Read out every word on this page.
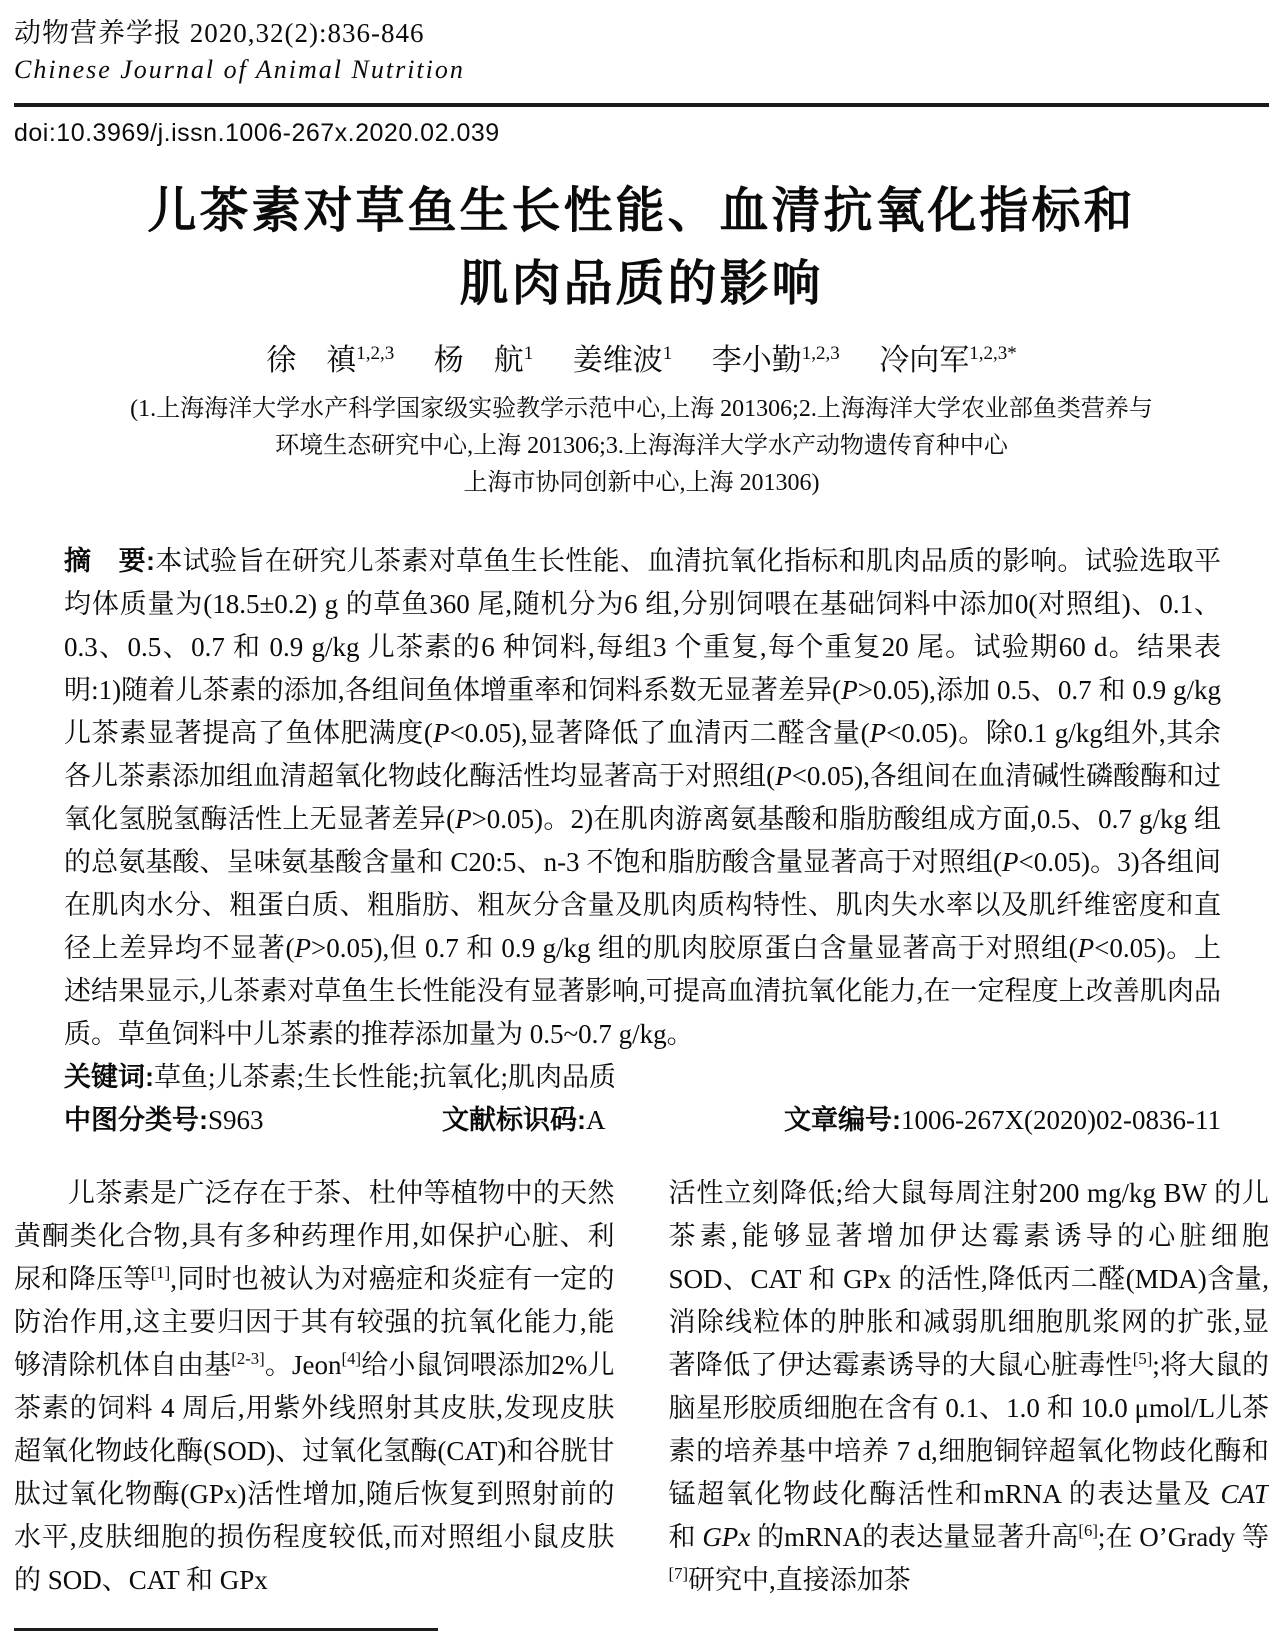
动物营养学报 2020,32(2):836-846
Chinese Journal of Animal Nutrition
doi:10.3969/j.issn.1006-267x.2020.02.039
儿茶素对草鱼生长性能、血清抗氧化指标和
肌肉品质的影响
徐　禛$^{1,2,3}$ 杨　航$^1$ 姜维波$^1$ 李小勤$^{1,2,3}$ 冷向军$^{1,2,3*}$
(1.上海海洋大学水产科学国家级实验教学示范中心,上海 201306;2.上海海洋大学农业部鱼类营养与
环境生态研究中心,上海 201306;3.上海海洋大学水产动物遗传育种中心
上海市协同创新中心,上海 201306)

摘　要:本试验旨在研究儿茶素对草鱼生长性能、血清抗氧化指标和肌肉品质的影响。试验选取平均体质量为(18.5±0.2) g 的草鱼360 尾,随机分为6 组,分别饲喂在基础饲料中添加0(对照组)、0.1、0.3、0.5、0.7 和 0.9 g/kg 儿茶素的6 种饲料,每组3 个重复,每个重复20 尾。试验期60 d。结果表明:1)随着儿茶素的添加,各组间鱼体增重率和饲料系数无显著差异(P>0.05),添加 0.5、0.7 和 0.9 g/kg 儿茶素显著提高了鱼体肥满度(P<0.05),显著降低了血清丙二醛含量(P<0.05)。除0.1 g/kg组外,其余各儿茶素添加组血清超氧化物歧化酶活性均显著高于对照组(P<0.05),各组间在血清碱性磷酸酶和过氧化氢脱氢酶活性上无显著差异(P>0.05)。2)在肌肉游离氨基酸和脂肪酸组成方面,0.5、0.7 g/kg 组的总氨基酸、呈味氨基酸含量和 C20:5、n-3 不饱和脂肪酸含量显著高于对照组(P<0.05)。3)各组间在肌肉水分、粗蛋白质、粗脂肪、粗灰分含量及肌肉质构特性、肌肉失水率以及肌纤维密度和直径上差异均不显著(P>0.05),但 0.7 和 0.9 g/kg 组的肌肉胶原蛋白含量显著高于对照组(P<0.05)。上述结果显示,儿茶素对草鱼生长性能没有显著影响,可提高血清抗氧化能力,在一定程度上改善肌肉品质。草鱼饲料中儿茶素的推荐添加量为 0.5~0.7 g/kg。

关键词:草鱼;儿茶素;生长性能;抗氧化;肌肉品质

中图分类号:S963	文献标识码:A	文章编号:1006-267X(2020)02-0836-11

儿茶素是广泛存在于茶、杜仲等植物中的天然黄酮类化合物,具有多种药理作用,如保护心脏、利尿和降压等[1],同时也被认为对癌症和炎症有一定的防治作用,这主要归因于其有较强的抗氧化能力,能够清除机体自由基[2-3]。Jeon[4]给小鼠饲喂添加2%儿茶素的饲料 4 周后,用紫外线照射其皮肤,发现皮肤超氧化物歧化酶(SOD)、过氧化氢酶(CAT)和谷胱甘肽过氧化物酶(GPx)活性增加,随后恢复到照射前的水平,皮肤细胞的损伤程度较低,而对照组小鼠皮肤的 SOD、CAT 和 GPx

活性立刻降低;给大鼠每周注射200 mg/kg BW 的儿茶素,能够显著增加伊达霉素诱导的心脏细胞SOD、CAT 和 GPx 的活性,降低丙二醛(MDA)含量,消除线粒体的肿胀和减弱肌细胞肌浆网的扩张,显著降低了伊达霉素诱导的大鼠心脏毒性[5];将大鼠的脑星形胶质细胞在含有 0.1、1.0 和 10.0 μmol/L儿茶素的培养基中培养 7 d,细胞铜锌超氧化物歧化酶和锰超氧化物歧化酶活性和mRNA 的表达量及 CAT 和 GPx 的mRNA的表达量显著升高[6];在 O’Grady 等[7]研究中,直接添加茶
